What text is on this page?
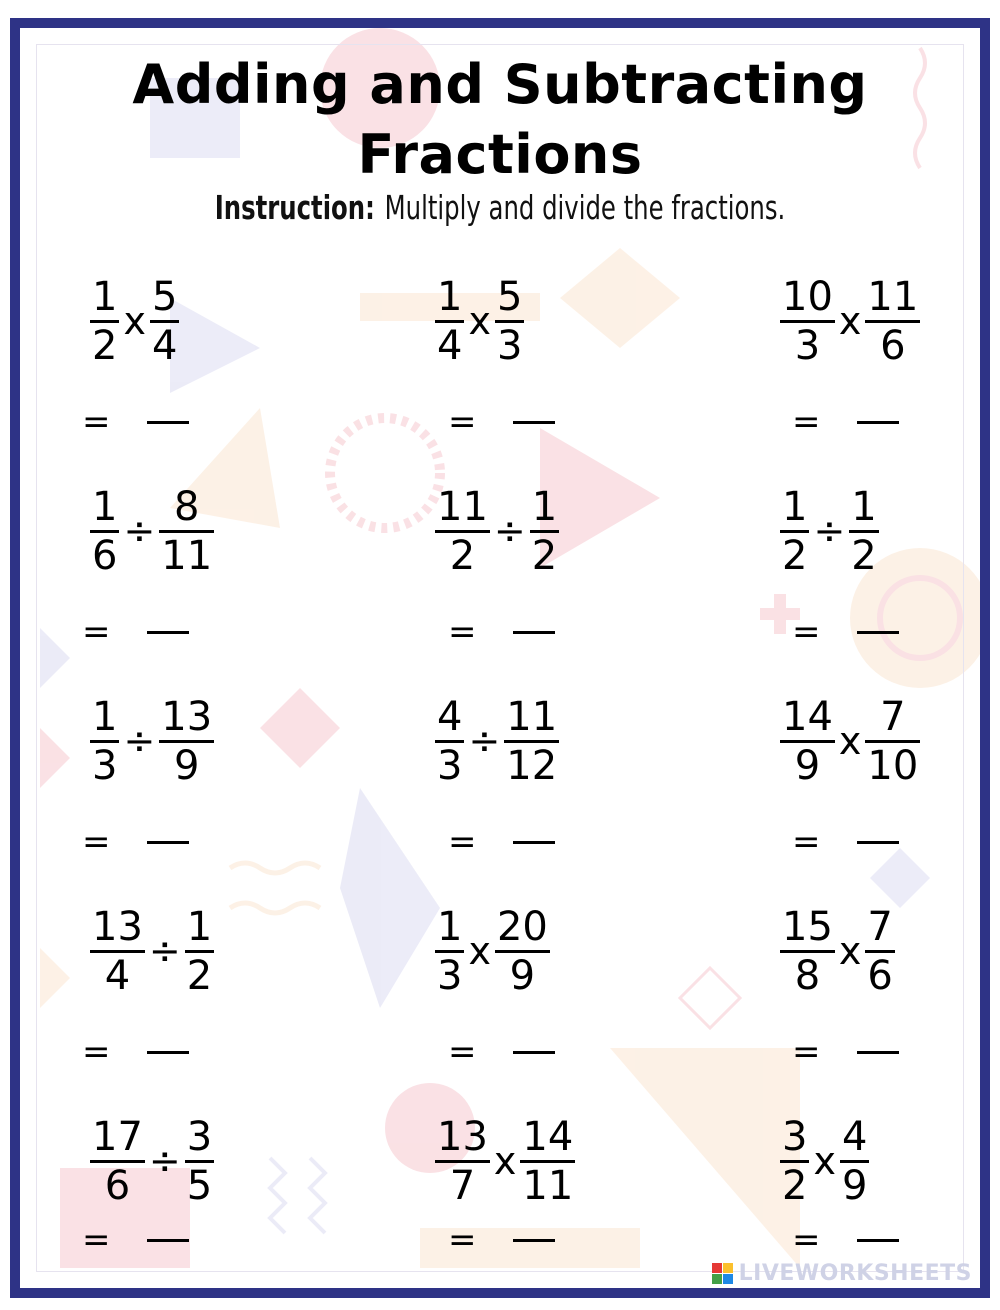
Adding and Subtracting
Fractions
Instruction: Multiply and divide the fractions.
$\frac{1}{2}$ x $\frac{5}{4}$
=
$\frac{1}{4}$ x $\frac{5}{3}$
=
$\frac{10}{3}$ x $\frac{11}{6}$
=
$\frac{1}{6} \div \frac{8}{11}$
=
$\frac{11}{2} \div \frac{1}{2}$
=
$\frac{1}{2} \div \frac{1}{2}$
=
$\frac{1}{3} \div \frac{13}{9}$
=
$\frac{4}{3} \div \frac{11}{12}$
=
$\frac{14}{9}$ x $\frac{7}{10}$
=
$\frac{13}{4} \div \frac{1}{2}$
=
$\frac{1}{3}$ x $\frac{20}{9}$
=
$\frac{15}{8}$ x $\frac{7}{6}$
=
$\frac{17}{6} \div \frac{3}{5}$
=
$\frac{13}{7}$ x $\frac{14}{11}$
=
$\frac{3}{2}$ x $\frac{4}{9}$
=
LIVEWORKSHEETS
